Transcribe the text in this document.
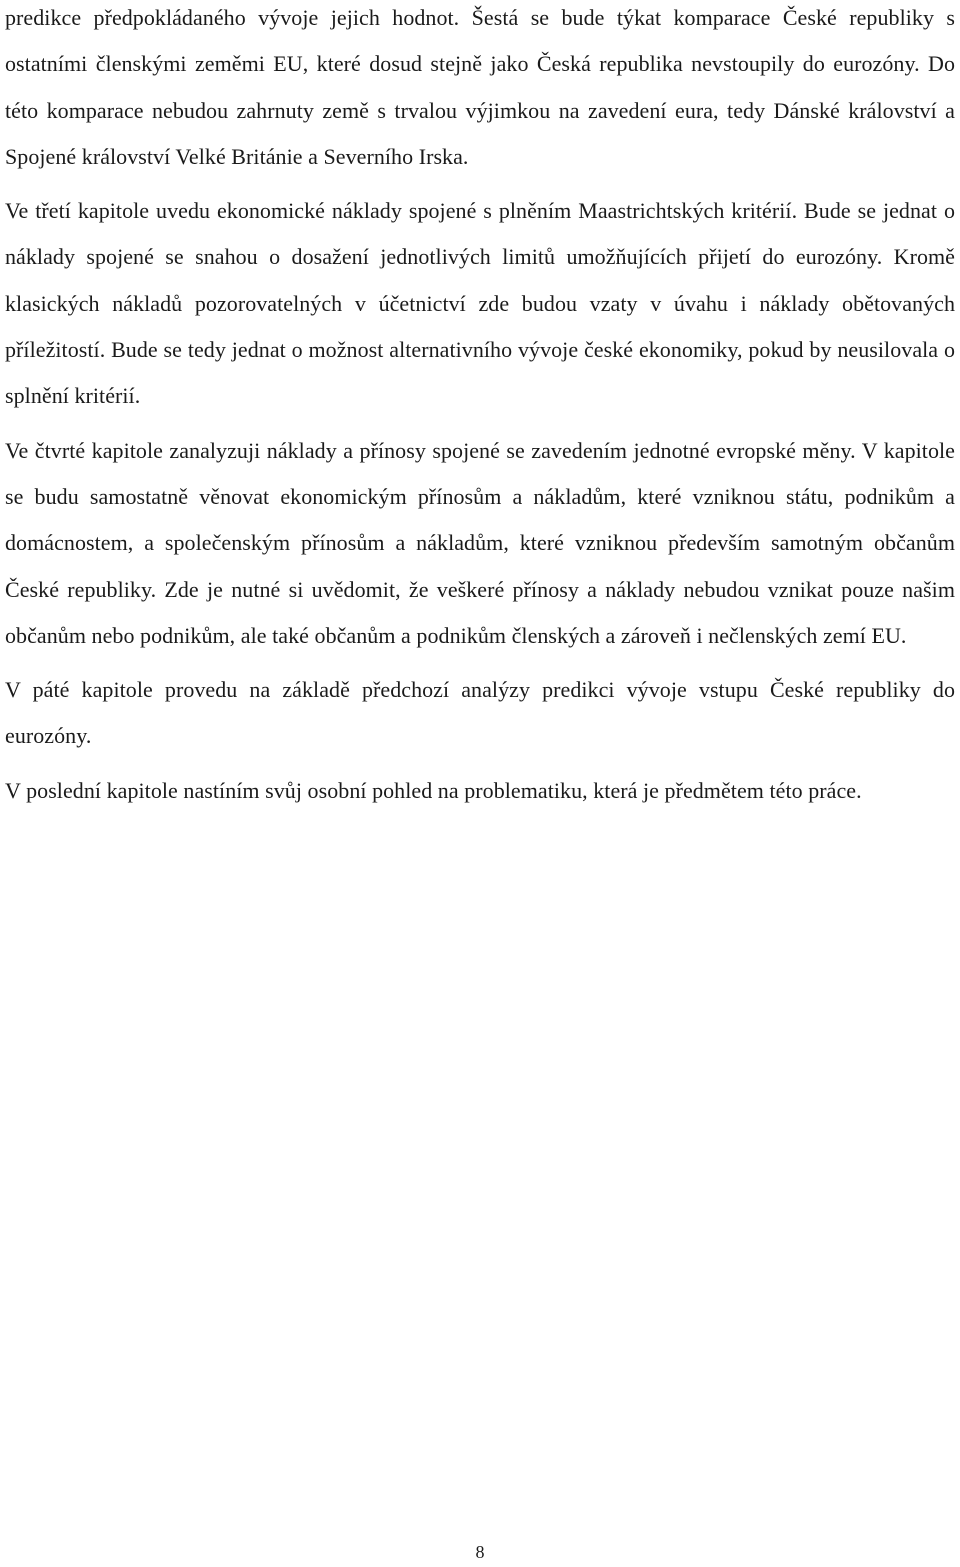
predikce předpokládaného vývoje jejich hodnot. Šestá se bude týkat komparace České republiky s ostatními členskými zeměmi EU, které dosud stejně jako Česká republika nevstoupily do eurozóny. Do této komparace nebudou zahrnuty země s trvalou výjimkou na zavedení eura, tedy Dánské království a Spojené království Velké Británie a Severního Irska.

Ve třetí kapitole uvedu ekonomické náklady spojené s plněním Maastrichtských kritérií. Bude se jednat o náklady spojené se snahou o dosažení jednotlivých limitů umožňujících přijetí do eurozóny. Kromě klasických nákladů pozorovatelných v účetnictví zde budou vzaty v úvahu i náklady obětovaných příležitostí. Bude se tedy jednat o možnost alternativního vývoje české ekonomiky, pokud by neusilovala o splnění kritérií.

Ve čtvrté kapitole zanalyzuji náklady a přínosy spojené se zavedením jednotné evropské měny. V kapitole se budu samostatně věnovat ekonomickým přínosům a nákladům, které vzniknou státu, podnikům a domácnostem, a společenským přínosům a nákladům, které vzniknou především samotným občanům České republiky. Zde je nutné si uvědomit, že veškeré přínosy a náklady nebudou vznikat pouze našim občanům nebo podnikům, ale také občanům a podnikům členských a zároveň i nečlenských zemí EU.

V páté kapitole provedu na základě předchozí analýzy predikci vývoje vstupu České republiky do eurozóny.

V poslední kapitole nastíním svůj osobní pohled na problematiku, která je předmětem této práce.

8
